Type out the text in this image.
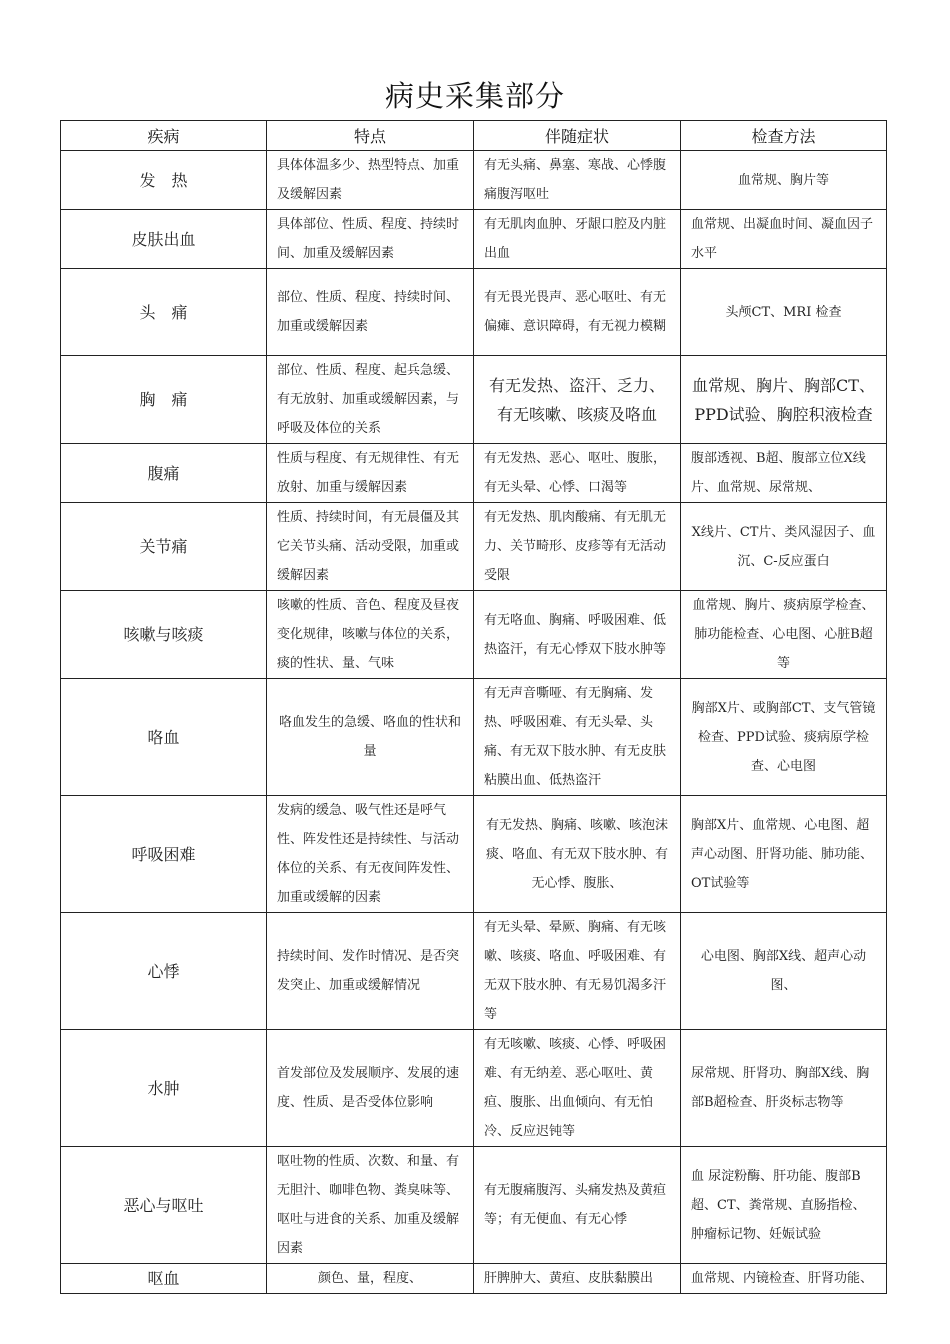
病史采集部分
疾病	特点	伴随症状	检查方法
发　热	具体体温多少、热型特点、加重及缓解因素	有无头痛、鼻塞、寒战、心悸腹痛腹泻呕吐	血常规、胸片等
皮肤出血	具体部位、性质、程度、持续时间、加重及缓解因素	有无肌肉血肿、牙龈口腔及内脏出血	血常规、出凝血时间、凝血因子水平
头　痛	部位、性质、程度、持续时间、加重或缓解因素	有无畏光畏声、恶心呕吐、有无偏瘫、意识障碍，有无视力模糊	头颅CT、MRI 检查
胸　痛	部位、性质、程度、起兵急缓、有无放射、加重或缓解因素，与呼吸及体位的关系	有无发热、盗汗、乏力、有无咳嗽、咳痰及咯血	血常规、胸片、胸部CT、PPD试验、胸腔积液检查
腹痛	性质与程度、有无规律性、有无放射、加重与缓解因素	有无发热、恶心、呕吐、腹胀，有无头晕、心悸、口渴等	腹部透视、B超、腹部立位X线片、血常规、尿常规、
关节痛	性质、持续时间，有无晨僵及其它关节头痛、活动受限，加重或缓解因素	有无发热、肌肉酸痛、有无肌无力、关节畸形、皮疹等有无活动受限	X线片、CT片、类风湿因子、血沉、C-反应蛋白
咳嗽与咳痰	咳嗽的性质、音色、程度及昼夜变化规律，咳嗽与体位的关系，痰的性状、量、气味	有无咯血、胸痛、呼吸困难、低热盗汗，有无心悸双下肢水肿等	血常规、胸片、痰病原学检查、肺功能检查、心电图、心脏B超等
咯血	咯血发生的急缓、咯血的性状和量	有无声音嘶哑、有无胸痛、发热、呼吸困难、有无头晕、头痛、有无双下肢水肿、有无皮肤粘膜出血、低热盗汗	胸部X片、或胸部CT、支气管镜检查、PPD试验、痰病原学检查、心电图
呼吸困难	发病的缓急、吸气性还是呼气性、阵发性还是持续性、与活动体位的关系、有无夜间阵发性、加重或缓解的因素	有无发热、胸痛、咳嗽、咳泡沫痰、咯血、有无双下肢水肿、有无心悸、腹胀、	胸部X片、血常规、心电图、超声心动图、肝肾功能、肺功能、OT试验等
心悸	持续时间、发作时情况、是否突发突止、加重或缓解情况	有无头晕、晕厥、胸痛、有无咳嗽、咳痰、咯血、呼吸困难、有无双下肢水肿、有无易饥渴多汗等	心电图、胸部X线、超声心动图、
水肿	首发部位及发展顺序、发展的速度、性质、是否受体位影响	有无咳嗽、咳痰、心悸、呼吸困难、有无纳差、恶心呕吐、黄疸、腹胀、出血倾向、有无怕冷、反应迟钝等	尿常规、肝肾功、胸部X线、胸部B超检查、肝炎标志物等
恶心与呕吐	呕吐物的性质、次数、和量、有无胆汁、咖啡色物、粪臭味等、呕吐与进食的关系、加重及缓解因素	有无腹痛腹泻、头痛发热及黄疸等；有无便血、有无心悸	血 尿淀粉酶、肝功能、腹部B超、CT、粪常规、直肠指检、肿瘤标记物、妊娠试验
呕血	颜色、量，程度、	肝脾肿大、黄疸、皮肤黏膜出	血常规、内镜检查、肝肾功能、
